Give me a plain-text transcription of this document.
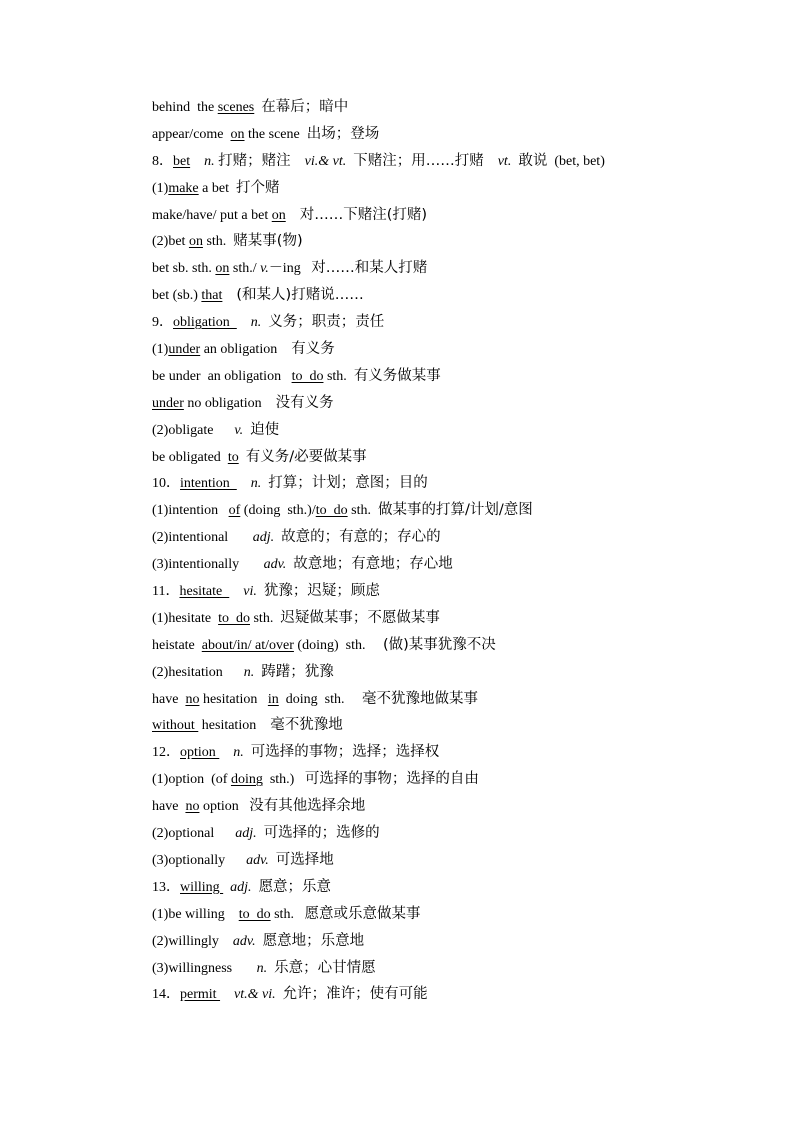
behind  the scenes 在幕后；暗中
appear/come  on the scene  出场；登场
8．bet n. 打赌；赌注 vi.& vt. 下赌注；用……打赌 vt. 敢说  (bet, bet)
(1)make a bet  打个赌
make/have/ put a bet on 对……下赌注(打赌)
(2)bet on sth.  赌某事(物)
bet sb. sth. on sth./ v.－ing   对……和某人打赌
bet (sb.) that (和某人)打赌说……
9．obligation      n. 义务；职责；责任
(1)under an obligation    有义务
be under  an obligation   to  do sth.  有义务做某事
under no obligation    没有义务
(2)obligate      v. 迫使
be obligated  to 有义务/必要做某事
10．intention      n. 打算；计划；意图；目的
(1)intention   of (doing  sth.)/to  do sth.  做某事的打算/计划/意图
(2)intentional       adj. 故意的；有意的；存心的
(3)intentionally       adv. 故意地；有意地；存心地
11．hesitate      vi. 犹豫；迟疑；顾虑
(1)hesitate  to  do sth.  迟疑做某事；不愿做某事
heistate  about/in/ at/over (doing)  sth.     (做)某事犹豫不决
(2)hesitation      n. 踌躇；犹豫
have  no hesitation   in  doing  sth.     毫不犹豫地做某事
without  hesitation    毫不犹豫地
12．option     n. 可选择的事物；选择；选择权
(1)option  (of doing  sth.)   可选择的事物；选择的自由
have  no option   没有其他选择余地
(2)optional      adj. 可选择的；选修的
(3)optionally      adv. 可选择地
13．willing   adj. 愿意；乐意
(1)be willing    to  do sth.   愿意或乐意做某事
(2)willingly    adv. 愿意地；乐意地
(3)willingness       n. 乐意；心甘情愿
14．permit     vt.& vi. 允许；准许；使有可能
